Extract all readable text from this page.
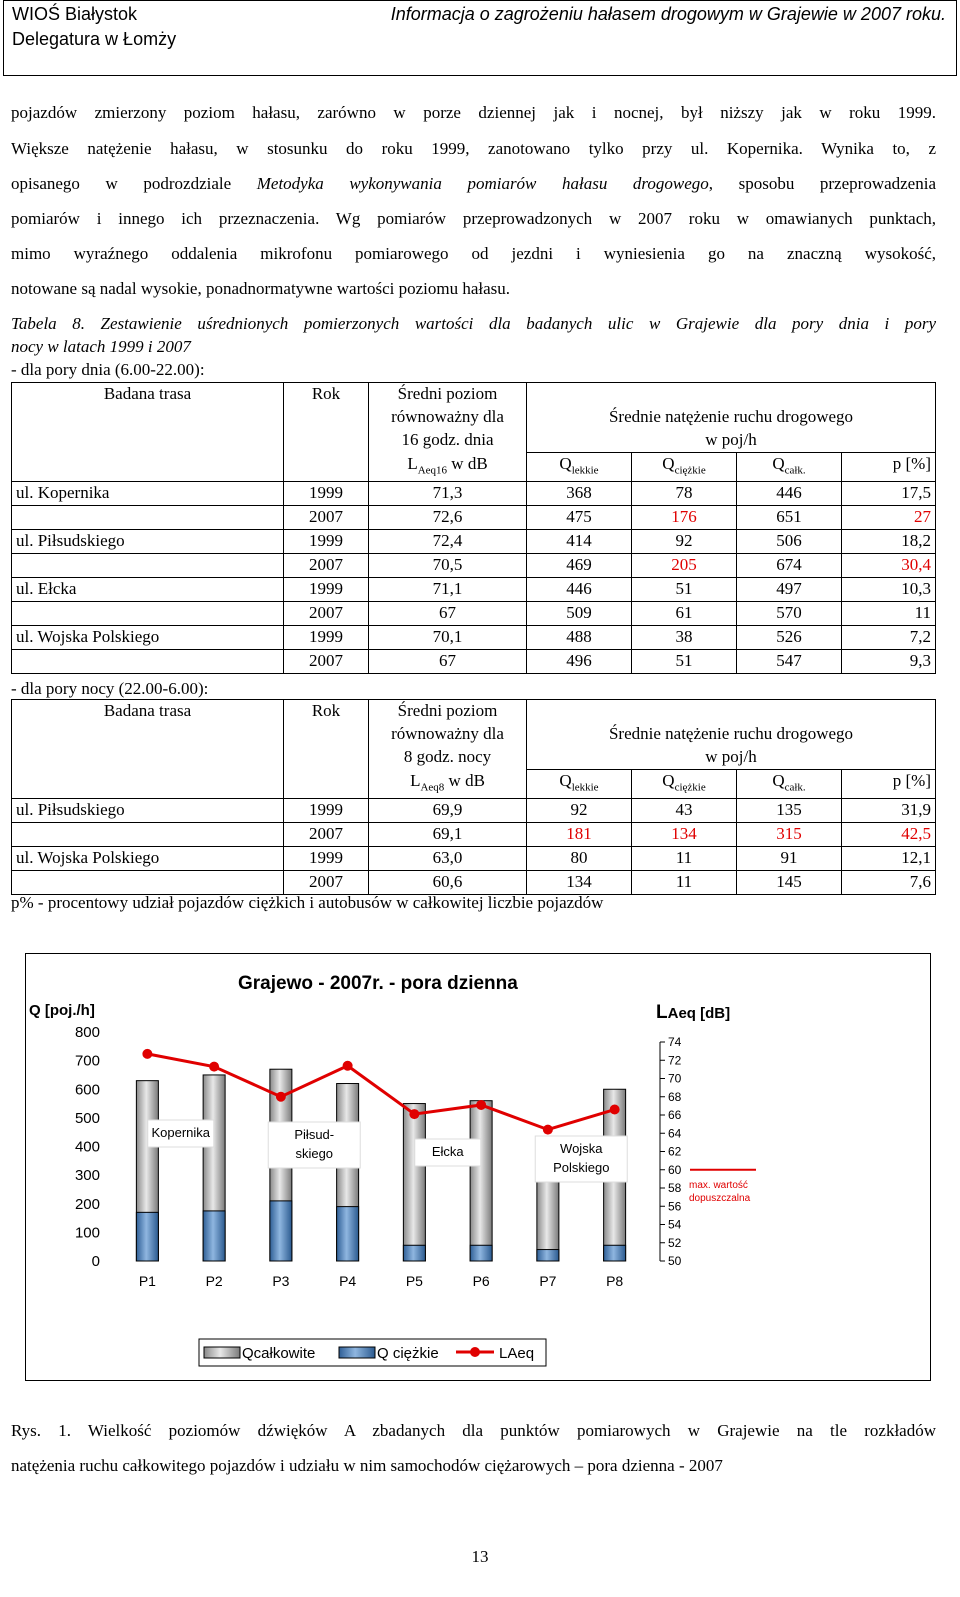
WIOŚ Białystok
Delegatura w Łomży
Informacja o zagrożeniu hałasem drogowym w Grajewie w 2007 roku.
pojazdów zmierzony poziom hałasu, zarówno w porze dziennej jak i nocnej, był niższy jak w roku 1999.
Większe natężenie hałasu, w stosunku do roku 1999, zanotowano tylko przy ul. Kopernika. Wynika to, z
opisanego w podrozdziale Metodyka wykonywania pomiarów hałasu drogowego, sposobu przeprowadzenia
pomiarów i innego ich przeznaczenia. Wg pomiarów przeprowadzonych w 2007 roku w omawianych punktach,
mimo wyraźnego oddalenia mikrofonu pomiarowego od jezdni i wyniesienia go na znaczną wysokość,
notowane są nadal wysokie, ponadnormatywne wartości poziomu hałasu.
Tabela 8. Zestawienie uśrednionych pomierzonych wartości dla badanych ulic w Grajewie dla pory dnia i pory
nocy w latach 1999 i 2007
- dla pory dnia (6.00-22.00):
Badana trasa	Rok	Średni poziom				
		równoważny dla	Średnie natężenie ruchu drogowego			
		16 godz. dnia	w poj/h			
		$L_{Aeq16}$ w dB	$Q_{lekkie}$	$Q_{ciężkie}$	$Q_{całk.}$	p [%]
ul. Kopernika	1999	71,3	368	78	446	17,5
	2007	72,6	475	176	651	27
ul. Piłsudskiego	1999	72,4	414	92	506	18,2
	2007	70,5	469	205	674	30,4
ul. Ełcka	1999	71,1	446	51	497	10,3
	2007	67	509	61	570	11
ul. Wojska Polskiego	1999	70,1	488	38	526	7,2
	2007	67	496	51	547	9,3
- dla pory nocy (22.00-6.00):
Badana trasa	Rok	Średni poziom				
		równoważny dla	Średnie natężenie ruchu drogowego			
		8 godz. nocy	w poj/h			
		$L_{Aeq8}$ w dB	$Q_{lekkie}$	$Q_{ciężkie}$	$Q_{całk.}$	p [%]
ul. Piłsudskiego	1999	69,9	92	43	135	31,9
	2007	69,1	181	134	315	42,5
ul. Wojska Polskiego	1999	63,0	80	11	91	12,1
	2007	60,6	134	11	145	7,6
p% - procentowy udział pojazdów ciężkich i autobusów w całkowitej liczbie pojazdów
Grajewo - 2007r. - pora dzienna
Q [poj./h]	LAeq [dB]
800
700
600
500
400
300
200
100
0
74
72
70
68
66
64
62
60
58
56
54
52
50
P1	P2	P3	P4	P5	P6	P7	P8
Kopernika	Piłsud-
skiego	Ełcka	Wojska
Polskiego
max. wartość
dopuszczalna
Qcałkowite	Q ciężkie	LAeq
Rys. 1. Wielkość poziomów dźwięków A zbadanych dla punktów pomiarowych w Grajewie na tle rozkładów
natężenia ruchu całkowitego pojazdów i udziału w nim samochodów ciężarowych – pora dzienna - 2007
13
